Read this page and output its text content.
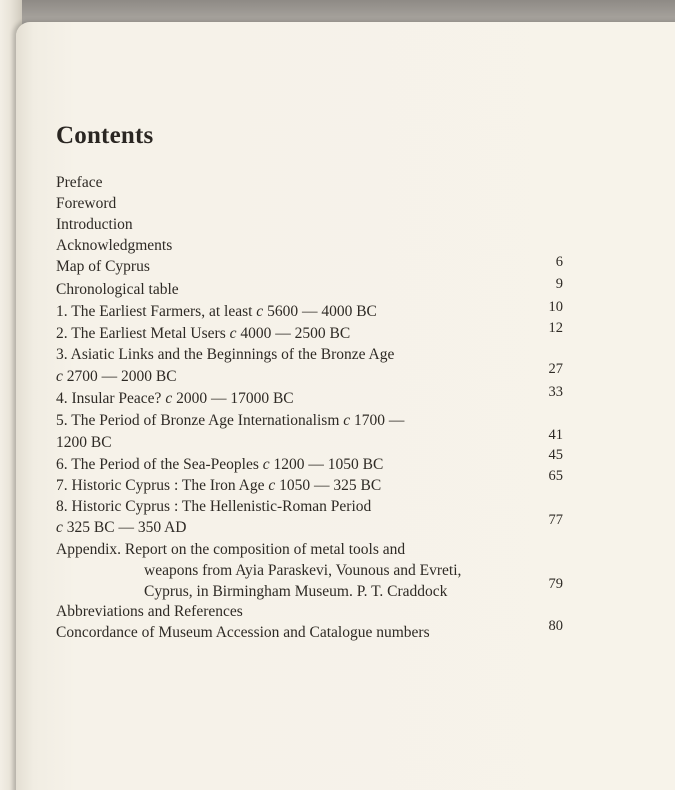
Contents
Preface
Foreword
Introduction
Acknowledgments
Map of Cyprus
Chronological table
1. The Earliest Farmers, at least c 5600 — 4000 BC
2. The Earliest Metal Users c 4000 — 2500 BC
3. Asiatic Links and the Beginnings of the Bronze Age
c 2700 — 2000 BC
4. Insular Peace? c 2000 — 17000 BC
5. The Period of Bronze Age Internationalism c 1700 —
1200 BC
6. The Period of the Sea-Peoples c 1200 — 1050 BC
7. Historic Cyprus : The Iron Age c 1050 — 325 BC
8. Historic Cyprus : The Hellenistic-Roman Period
c 325 BC — 350 AD
Appendix. Report on the composition of metal tools and
weapons from Ayia Paraskevi, Vounous and Evreti,
Cyprus, in Birmingham Museum. P. T. Craddock
Abbreviations and References
Concordance of Museum Accession and Catalogue numbers
6
9
10
12
27
33
41
45
65
77
79
80
